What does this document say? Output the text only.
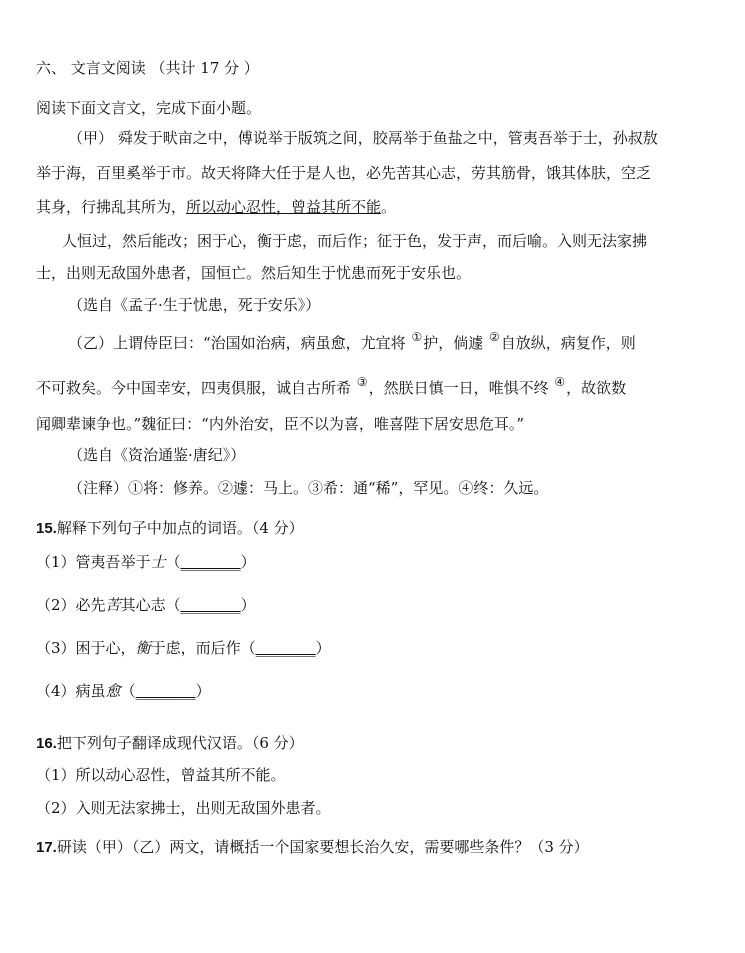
六、 文言文阅读 （共计 17 分 ）
阅读下面文言文，完成下面小题。
（甲） 舜发于畎亩之中，傅说举于版筑之间，胶鬲举于鱼盐之中，管夷吾举于士，孙叔敖
举于海，百里奚举于市。故天将降大任于是人也，必先苦其心志，劳其筋骨，饿其体肤，空乏
其身，行拂乱其所为，所以动心忍性，曾益其所不能。
人恒过，然后能改；困于心，衡于虑，而后作；征于色，发于声，而后喻。入则无法家拂
士，出则无敌国外患者，国恒亡。然后知生于忧患而死于安乐也。
（选自《孟子·生于忧患，死于安乐》）
（乙）上谓侍臣曰：“治国如治病，病虽愈，尤宜将 ①护，倘遽 ②自放纵，病复作，则
不可救矣。今中国幸安，四夷俱服，诚自古所希 ③，然朕日慎一日，唯惧不终 ④，故欲数
闻卿辈谏争也。”魏征曰：“内外治安，臣不以为喜，唯喜陛下居安思危耳。”
（选自《资治通鉴·唐纪》）
（注释）①将：修养。②遽：马上。③希：通“稀”，罕见。④终：久远。
15.解释下列句子中加点的词语。（4 分）
（1）管夷吾举于士（________）
（2）必先苦其心志（________）
（3）困于心，衡于虑，而后作（________）
（4）病虽愈（________）
16.把下列句子翻译成现代汉语。（6 分）
（1）所以动心忍性，曾益其所不能。
（2）入则无法家拂士，出则无敌国外患者。
17.研读（甲）（乙）两文，请概括一个国家要想长治久安，需要哪些条件？（3 分）
